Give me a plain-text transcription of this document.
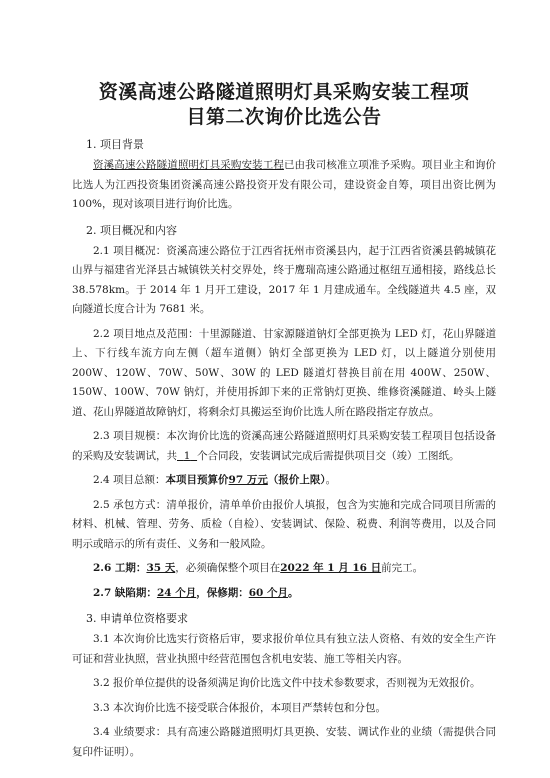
资溪高速公路隧道照明灯具采购安装工程项
目第二次询价比选公告
1. 项目背景

资溪高速公路隧道照明灯具采购安装工程已由我司核准立项准予采购。项目业主和询价比选人为江西投资集团资溪高速公路投资开发有限公司，建设资金自筹，项目出资比例为 100%，现对该项目进行询价比选。

2. 项目概况和内容

2.1 项目概况：资溪高速公路位于江西省抚州市资溪县内，起于江西省资溪县鹤城镇花山界与福建省光泽县古城镇铁关村交界处，终于鹰瑞高速公路通过枢纽互通相接，路线总长 38.578km。于 2014 年 1 月开工建设，2017 年 1 月建成通车。全线隧道共 4.5 座，双向隧道长度合计为 7681 米。

2.2 项目地点及范围：十里源隧道、甘家源隧道钠灯全部更换为 LED 灯，花山界隧道上、下行线车流方向左侧（超车道侧）钠灯全部更换为 LED 灯，以上隧道分别使用 200W、120W、70W、50W、30W 的 LED 隧道灯替换目前在用 400W、250W、150W、100W、70W 钠灯，并使用拆卸下来的正常钠灯更换、维修资溪隧道、岭头上隧道、花山界隧道故障钠灯，将剩余灯具搬运至询价比选人所在路段指定存放点。

2.3 项目规模：本次询价比选的资溪高速公路隧道照明灯具采购安装工程项目包括设备的采购及安装调试，共 1 个合同段，安装调试完成后需提供项目交（竣）工图纸。

2.4 项目总额：本项目预算价97 万元（报价上限）。

2.5 承包方式：清单报价，清单单价由报价人填报，包含为实施和完成合同项目所需的材料、机械、管理、劳务、质检（自检）、安装调试、保险、税费、利润等费用，以及合同明示或暗示的所有责任、义务和一般风险。

2.6 工期：35 天，必须确保整个项目在2022 年 1 月 16 日前完工。

2.7 缺陷期：24 个月，保修期：60 个月。

3. 申请单位资格要求

3.1 本次询价比选实行资格后审，要求报价单位具有独立法人资格、有效的安全生产许可证和营业执照，营业执照中经营范围包含机电安装、施工等相关内容。

3.2 报价单位提供的设备须满足询价比选文件中技术参数要求，否则视为无效报价。

3.3 本次询价比选不接受联合体报价，本项目严禁转包和分包。

3.4 业绩要求：具有高速公路隧道照明灯具更换、安装、调试作业的业绩（需提供合同复印件证明）。
